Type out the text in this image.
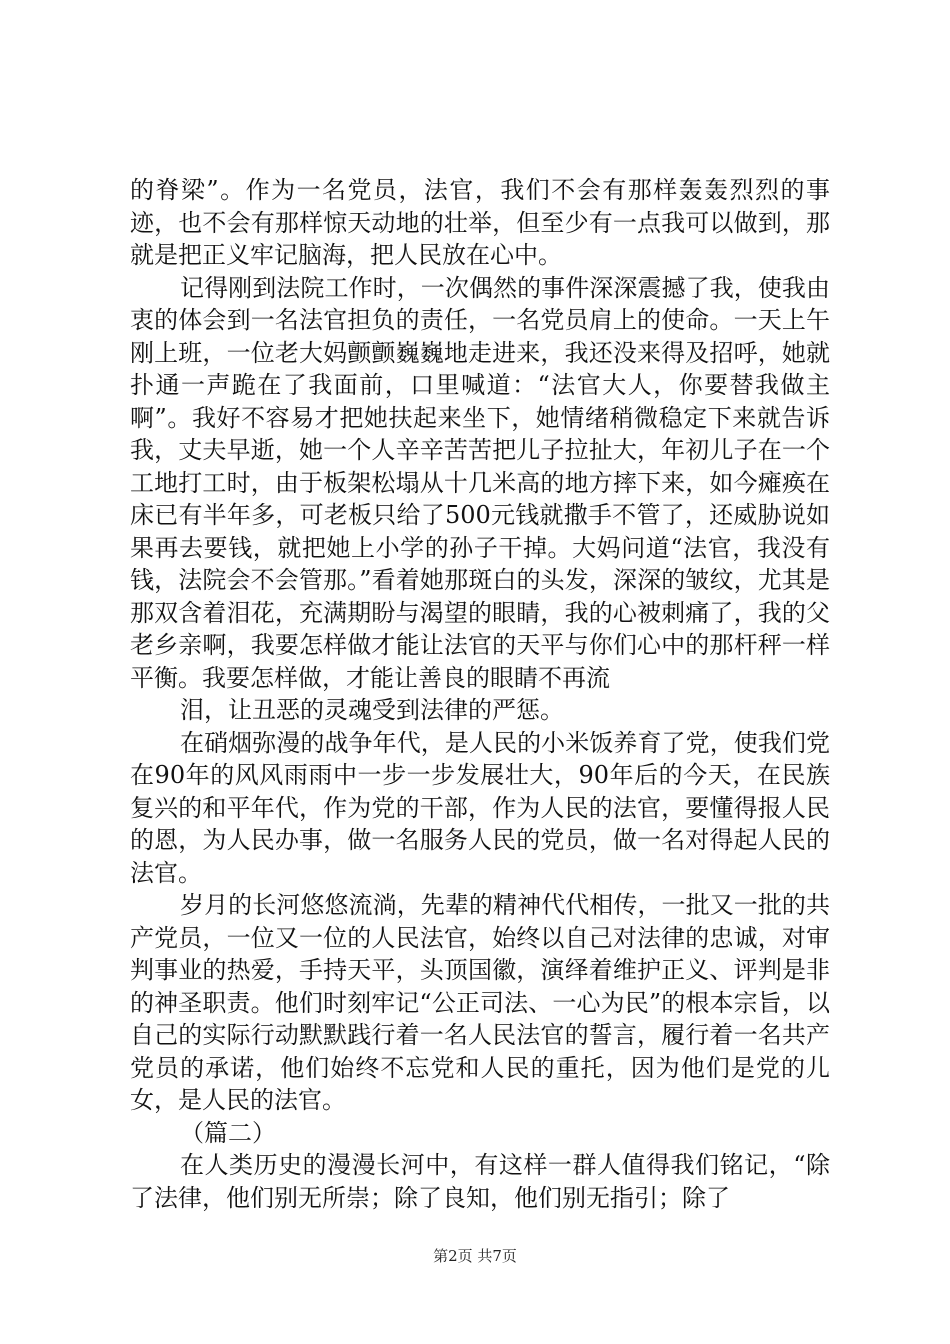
的脊梁”。作为一名党员，法官，我们不会有那样轰轰烈烈的事迹，也不会有那样惊天动地的壮举，但至少有一点我可以做到，那就是把正义牢记脑海，把人民放在心中。

记得刚到法院工作时，一次偶然的事件深深震撼了我，使我由衷的体会到一名法官担负的责任，一名党员肩上的使命。一天上午刚上班，一位老大妈颤颤巍巍地走进来，我还没来得及招呼，她就扑通一声跪在了我面前，口里喊道：“法官大人，你要替我做主啊”。我好不容易才把她扶起来坐下，她情绪稍微稳定下来就告诉我，丈夫早逝，她一个人辛辛苦苦把儿子拉扯大，年初儿子在一个工地打工时，由于板架松塌从十几米高的地方摔下来，如今瘫痪在床已有半年多，可老板只给了500元钱就撒手不管了，还威胁说如果再去要钱，就把她上小学的孙子干掉。大妈问道“法官，我没有钱，法院会不会管那。”看着她那斑白的头发，深深的皱纹，尤其是那双含着泪花，充满期盼与渴望的眼睛，我的心被刺痛了，我的父老乡亲啊，我要怎样做才能让法官的天平与你们心中的那杆秤一样平衡。我要怎样做，才能让善良的眼睛不再流

泪，让丑恶的灵魂受到法律的严惩。

在硝烟弥漫的战争年代，是人民的小米饭养育了党，使我们党在90年的风风雨雨中一步一步发展壮大，90年后的今天，在民族复兴的和平年代，作为党的干部，作为人民的法官，要懂得报人民的恩，为人民办事，做一名服务人民的党员，做一名对得起人民的法官。

岁月的长河悠悠流淌，先辈的精神代代相传，一批又一批的共产党员，一位又一位的人民法官，始终以自己对法律的忠诚，对审判事业的热爱，手持天平，头顶国徽，演绎着维护正义、评判是非的神圣职责。他们时刻牢记“公正司法、一心为民”的根本宗旨，以自己的实际行动默默践行着一名人民法官的誓言，履行着一名共产党员的承诺，他们始终不忘党和人民的重托，因为他们是党的儿女，是人民的法官。

（篇二）

在人类历史的漫漫长河中，有这样一群人值得我们铭记，“除了法律，他们别无所崇；除了良知，他们别无指引；除了

第2页 共7页
